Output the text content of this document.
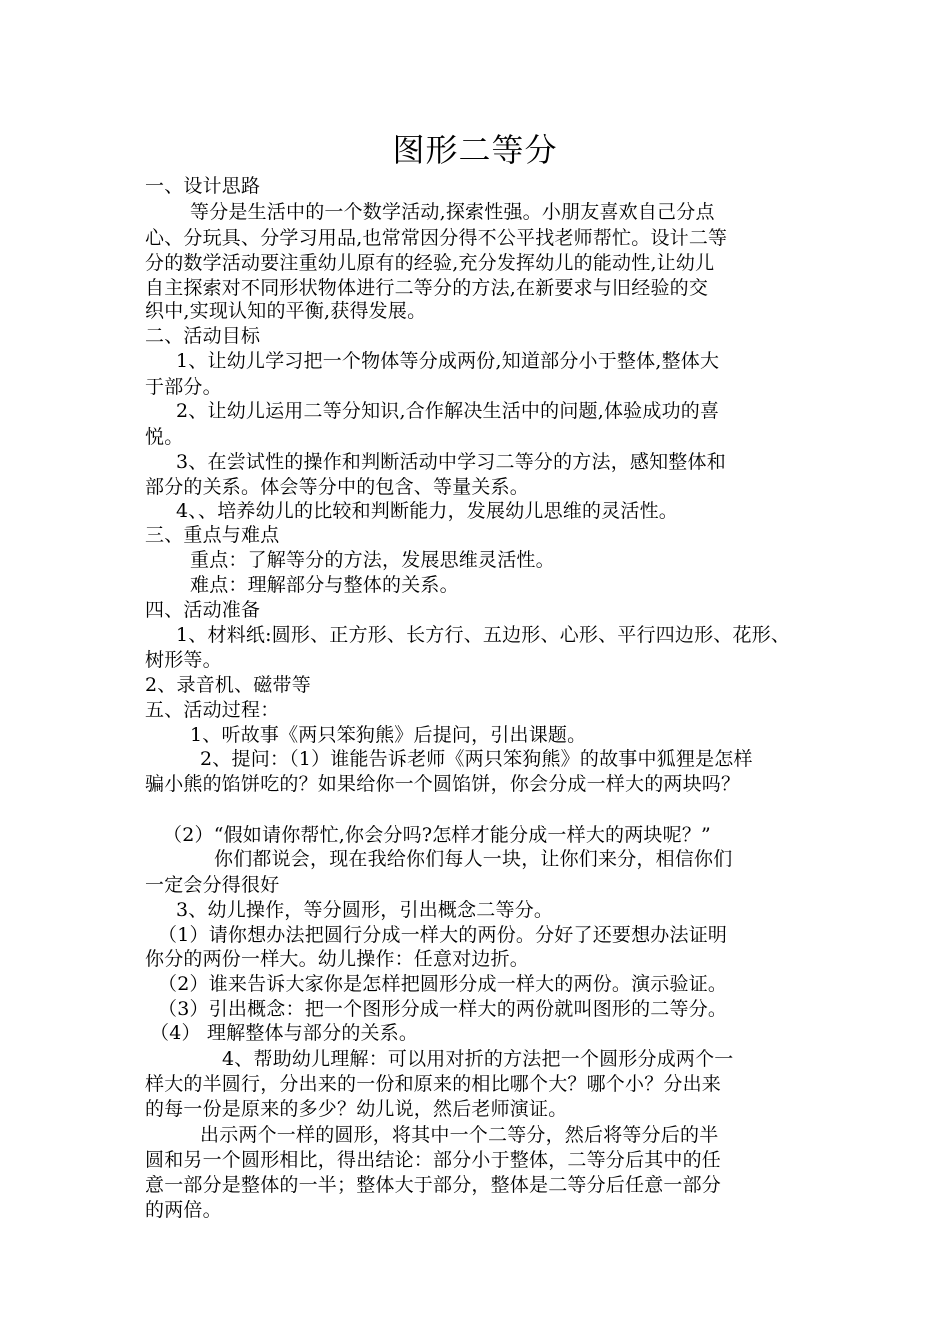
图形二等分
一、设计思路
等分是生活中的一个数学活动,探索性强。小朋友喜欢自己分点
心、分玩具、分学习用品,也常常因分得不公平找老师帮忙。设计二等
分的数学活动要注重幼儿原有的经验,充分发挥幼儿的能动性,让幼儿
自主探索对不同形状物体进行二等分的方法,在新要求与旧经验的交
织中,实现认知的平衡,获得发展。
二、活动目标
1、让幼儿学习把一个物体等分成两份,知道部分小于整体,整体大
于部分。
2、让幼儿运用二等分知识,合作解决生活中的问题,体验成功的喜
悦。
3、在尝试性的操作和判断活动中学习二等分的方法，感知整体和
部分的关系。体会等分中的包含、等量关系。
4、、培养幼儿的比较和判断能力，发展幼儿思维的灵活性。
三、重点与难点
重点：了解等分的方法，发展思维灵活性。
难点：理解部分与整体的关系。
四、活动准备
1、材料纸:圆形、正方形、长方行、五边形、心形、平行四边形、花形、
树形等。
2、录音机、磁带等
五、活动过程：
1、听故事《两只笨狗熊》后提问，引出课题。
2、提问：（1）谁能告诉老师《两只笨狗熊》的故事中狐狸是怎样
骗小熊的馅饼吃的？如果给你一个圆馅饼，你会分成一样大的两块吗？
（2）“假如请你帮忙,你会分吗?怎样才能分成一样大的两块呢？”
你们都说会，现在我给你们每人一块，让你们来分，相信你们
一定会分得很好
3、幼儿操作，等分圆形，引出概念二等分。
（1）请你想办法把圆行分成一样大的两份。分好了还要想办法证明
你分的两份一样大。幼儿操作：任意对边折。
（2）谁来告诉大家你是怎样把圆形分成一样大的两份。演示验证。
（3）引出概念：把一个图形分成一样大的两份就叫图形的二等分。
（4） 理解整体与部分的关系。
4、帮助幼儿理解：可以用对折的方法把一个圆形分成两个一
样大的半圆行，分出来的一份和原来的相比哪个大？哪个小？分出来
的每一份是原来的多少？幼儿说，然后老师演证。
出示两个一样的圆形，将其中一个二等分，然后将等分后的半
圆和另一个圆形相比，得出结论：部分小于整体，二等分后其中的任
意一部分是整体的一半；整体大于部分，整体是二等分后任意一部分
的两倍。
